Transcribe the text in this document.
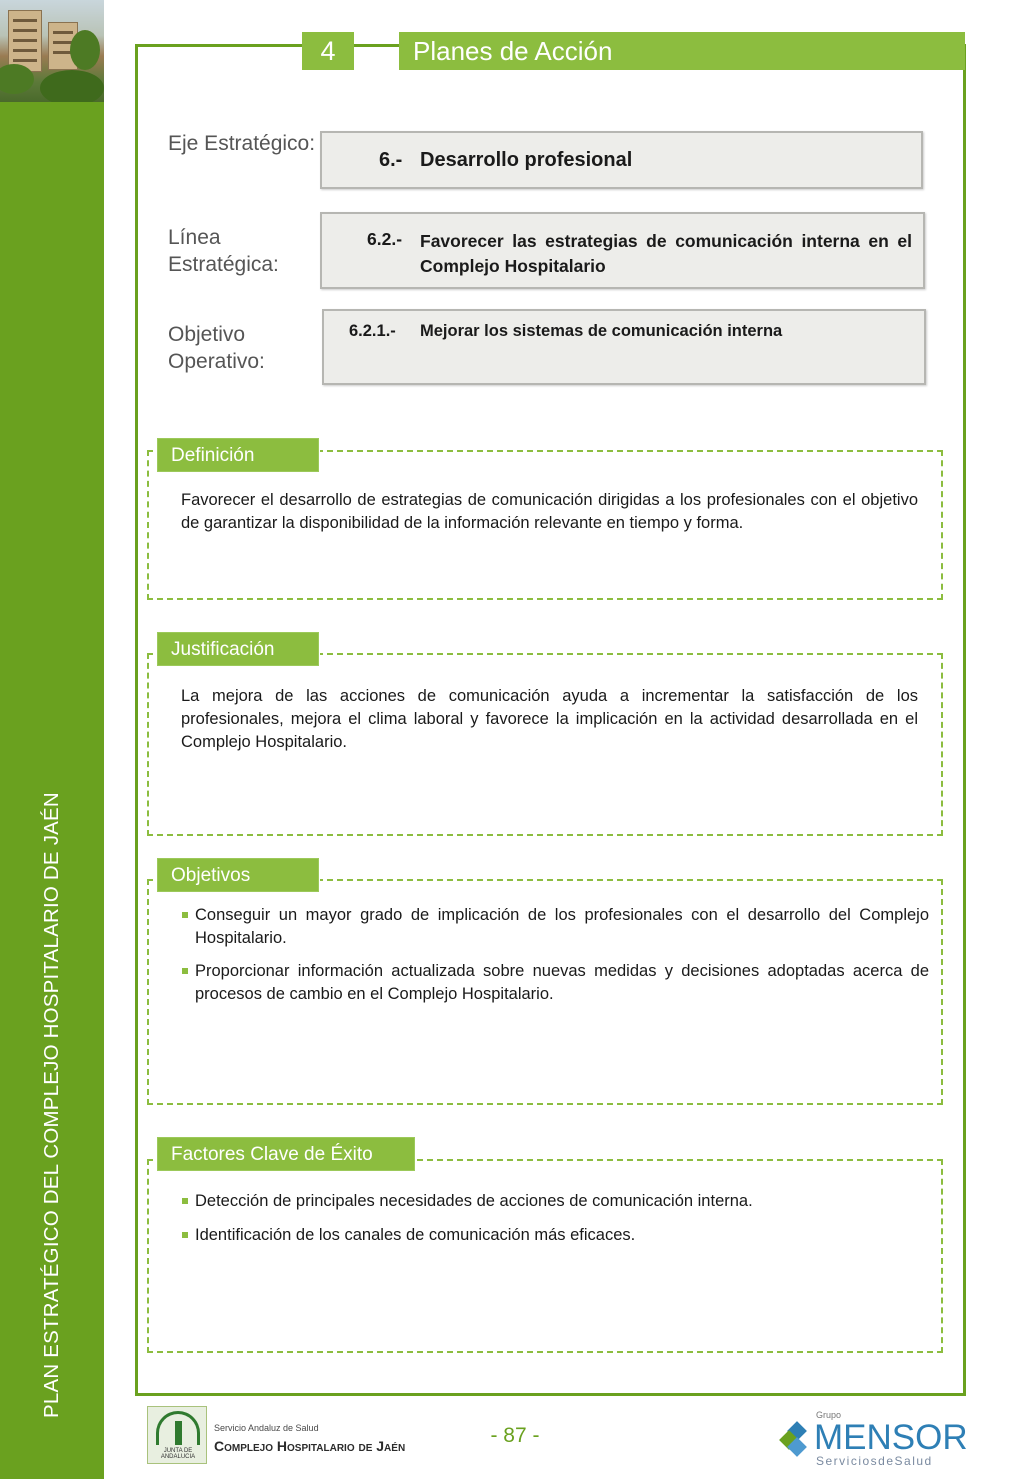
PLAN ESTRATÉGICO DEL COMPLEJO HOSPITALARIO DE JAÉN
4	Planes de Acción
Eje Estratégico:
6.- Desarrollo profesional
Línea Estratégica:
6.2.- Favorecer las estrategias de comunicación interna en el Complejo Hospitalario
Objetivo Operativo:
6.2.1.- Mejorar los sistemas de comunicación interna
Definición

Favorecer el desarrollo de estrategias de comunicación dirigidas a los profesionales con el objetivo de garantizar la disponibilidad de la información relevante en tiempo y forma.

Justificación

La mejora de las acciones de comunicación ayuda a incrementar la satisfacción de los profesionales, mejora el clima laboral y favorece la implicación en la actividad desarrollada en el Complejo Hospitalario.

Objetivos
Conseguir un mayor grado de implicación de los profesionales con el desarrollo del Complejo Hospitalario.
Proporcionar información actualizada sobre nuevas medidas y decisiones adoptadas acerca de procesos de cambio en el Complejo Hospitalario.
Factores Clave de Éxito
Detección de principales necesidades de acciones de comunicación interna.
Identificación de los canales de comunicación más eficaces.
JUNTA DE ANDALUCIA
Servicio Andaluz de Salud
Complejo Hospitalario de Jaén	- 87 -
Grupo
MENSOR
ServiciosdeSalud
